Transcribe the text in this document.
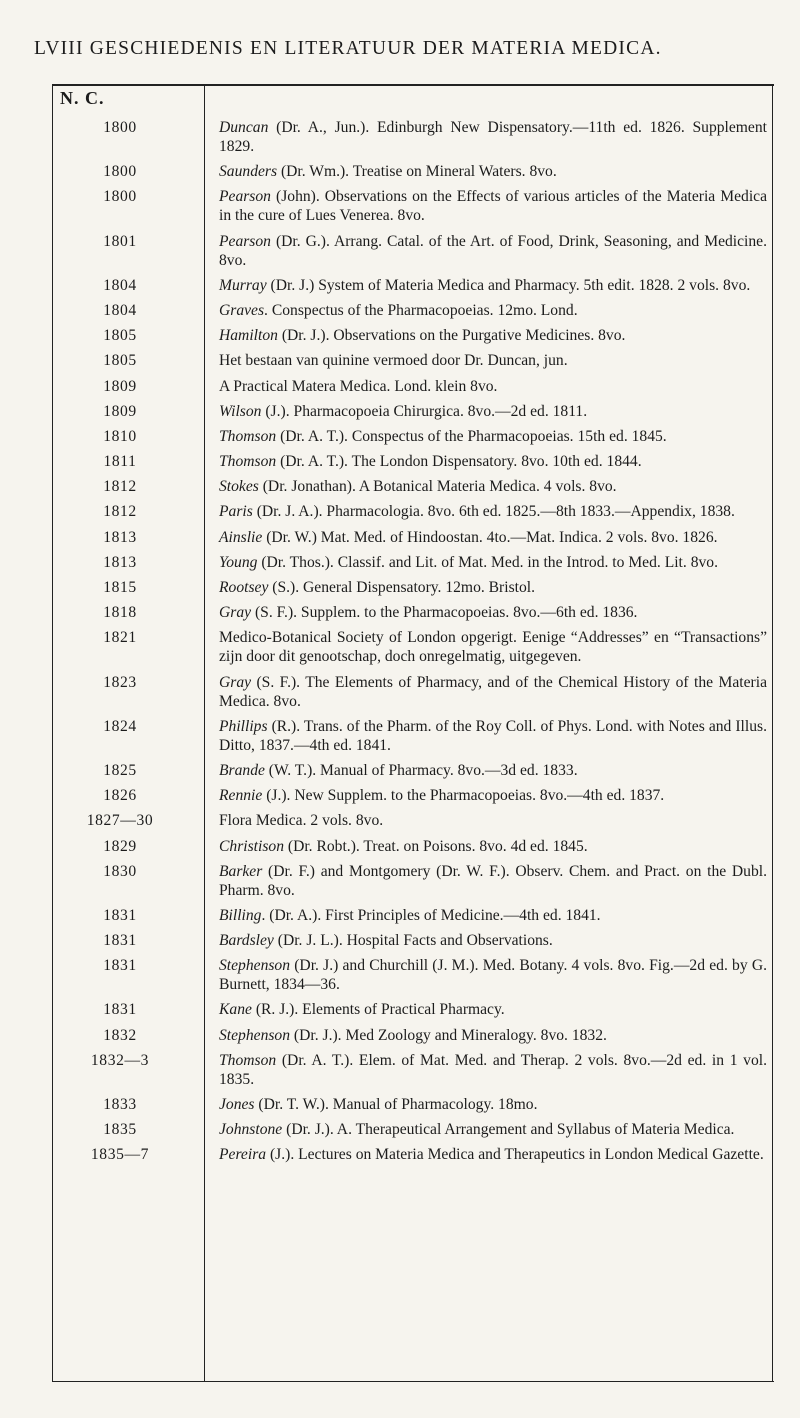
LVIII GESCHIEDENIS EN LITERATUUR DER MATERIA MEDICA.
N. C.
1800	Duncan (Dr. A., Jun.). Edinburgh New Dispensatory.—11th ed. 1826. Supplement 1829.
1800	Saunders (Dr. Wm.). Treatise on Mineral Waters. 8vo.
1800	Pearson (John). Observations on the Effects of various articles of the Materia Medica in the cure of Lues Venerea. 8vo.
1801	Pearson (Dr. G.). Arrang. Catal. of the Art. of Food, Drink, Seasoning, and Medicine. 8vo.
1804	Murray (Dr. J.) System of Materia Medica and Pharmacy. 5th edit. 1828. 2 vols. 8vo.
1804	Graves. Conspectus of the Pharmacopoeias. 12mo. Lond.
1805	Hamilton (Dr. J.). Observations on the Purgative Medicines. 8vo.
1805	Het bestaan van quinine vermoed door Dr. Duncan, jun.
1809	A Practical Matera Medica. Lond. klein 8vo.
1809	Wilson (J.). Pharmacopoeia Chirurgica. 8vo.—2d ed. 1811.
1810	Thomson (Dr. A. T.). Conspectus of the Pharmacopoeias. 15th ed. 1845.
1811	Thomson (Dr. A. T.). The London Dispensatory. 8vo. 10th ed. 1844.
1812	Stokes (Dr. Jonathan). A Botanical Materia Medica. 4 vols. 8vo.
1812	Paris (Dr. J. A.). Pharmacologia. 8vo. 6th ed. 1825.—8th 1833.—Appendix, 1838.
1813	Ainslie (Dr. W.) Mat. Med. of Hindoostan. 4to.—Mat. Indica. 2 vols. 8vo. 1826.
1813	Young (Dr. Thos.). Classif. and Lit. of Mat. Med. in the Introd. to Med. Lit. 8vo.
1815	Rootsey (S.). General Dispensatory. 12mo. Bristol.
1818	Gray (S. F.). Supplem. to the Pharmacopoeias. 8vo.—6th ed. 1836.
1821	Medico-Botanical Society of London opgerigt. Eenige “Addresses” en “Transactions” zijn door dit genootschap, doch onregelmatig, uitgegeven.
1823	Gray (S. F.). The Elements of Pharmacy, and of the Chemical History of the Materia Medica. 8vo.
1824	Phillips (R.). Trans. of the Pharm. of the Roy Coll. of Phys. Lond. with Notes and Illus. Ditto, 1837.—4th ed. 1841.
1825	Brande (W. T.). Manual of Pharmacy. 8vo.—3d ed. 1833.
1826	Rennie (J.). New Supplem. to the Pharmacopoeias. 8vo.—4th ed. 1837.
1827—30	Flora Medica. 2 vols. 8vo.
1829	Christison (Dr. Robt.). Treat. on Poisons. 8vo. 4d ed. 1845.
1830	Barker (Dr. F.) and Montgomery (Dr. W. F.). Observ. Chem. and Pract. on the Dubl. Pharm. 8vo.
1831	Billing. (Dr. A.). First Principles of Medicine.—4th ed. 1841.
1831	Bardsley (Dr. J. L.). Hospital Facts and Observations.
1831	Stephenson (Dr. J.) and Churchill (J. M.). Med. Botany. 4 vols. 8vo. Fig.—2d ed. by G. Burnett, 1834—36.
1831	Kane (R. J.). Elements of Practical Pharmacy.
1832	Stephenson (Dr. J.). Med Zoology and Mineralogy. 8vo. 1832.
1832—3	Thomson (Dr. A. T.). Elem. of Mat. Med. and Therap. 2 vols. 8vo.—2d ed. in 1 vol. 1835.
1833	Jones (Dr. T. W.). Manual of Pharmacology. 18mo.
1835	Johnstone (Dr. J.). A. Therapeutical Arrangement and Syllabus of Materia Medica.
1835—7	Pereira (J.). Lectures on Materia Medica and Therapeutics in London Medical Gazette.
